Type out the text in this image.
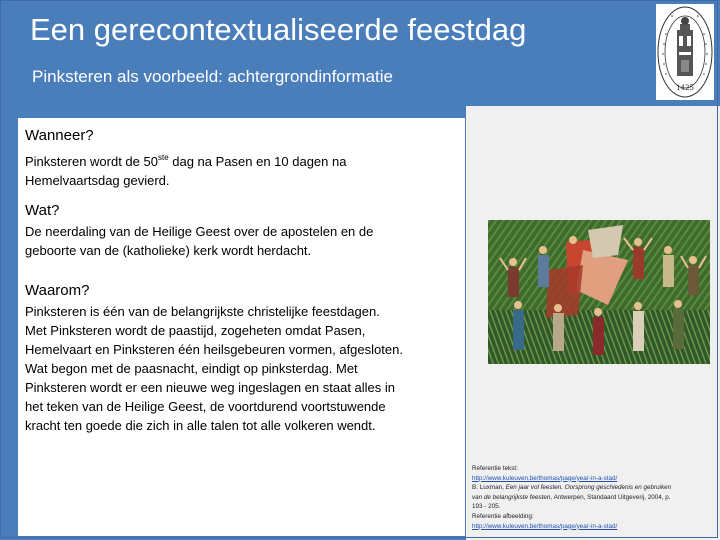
Een gerecontextualiseerde feestdag
Pinksteren als voorbeeld: achtergrondinformatie
1425
Wanneer?
Pinksteren wordt de 50ste dag na Pasen en 10 dagen na
Hemelvaartsdag gevierd.
Wat?
De neerdaling van de Heilige Geest over de apostelen en de
geboorte van de (katholieke) kerk wordt herdacht.
Waarom?
Pinksteren is één van de belangrijkste christelijke feestdagen.
Met Pinksteren wordt de paastijd, zogeheten omdat Pasen,
Hemelvaart en Pinksteren één heilsgebeuren vormen, afgesloten.
Wat begon met de paasnacht, eindigt op pinksterdag. Met
Pinksteren wordt er een nieuwe weg ingeslagen en staat alles in
het teken van de Heilige Geest, de voortdurend voortstuwende
kracht ten goede die zich in alle talen tot alle volkeren wendt.
Referentie tekst:
http://www.kuleuven.be/thomas/page/year-in-a-stad/
B. Luxman, Een jaar vol feesten. Oorsprong geschiedenis en gebruiken
van de belangrijkste feesten, Antwerpen, Standaard Uitgeverij, 2004, p.
193 - 205.
Referentie afbeelding:
http://www.kuleuven.be/thomas/page/year-in-a-stad/
